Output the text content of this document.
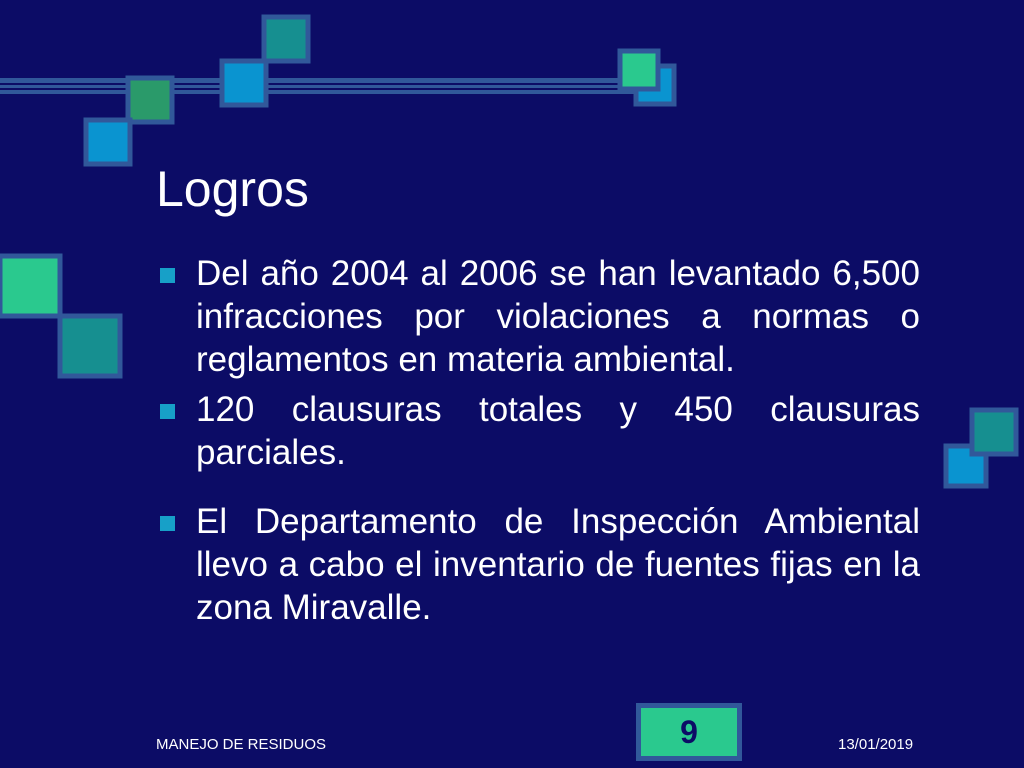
Logros
Del año 2004 al 2006 se han levantado 6,500 infracciones por violaciones a normas o reglamentos en materia ambiental.
120 clausuras totales y 450 clausuras parciales.
El Departamento de Inspección Ambiental llevo a cabo el inventario de fuentes fijas en la zona Miravalle.
MANEJO DE RESIDUOS	9	13/01/2019
